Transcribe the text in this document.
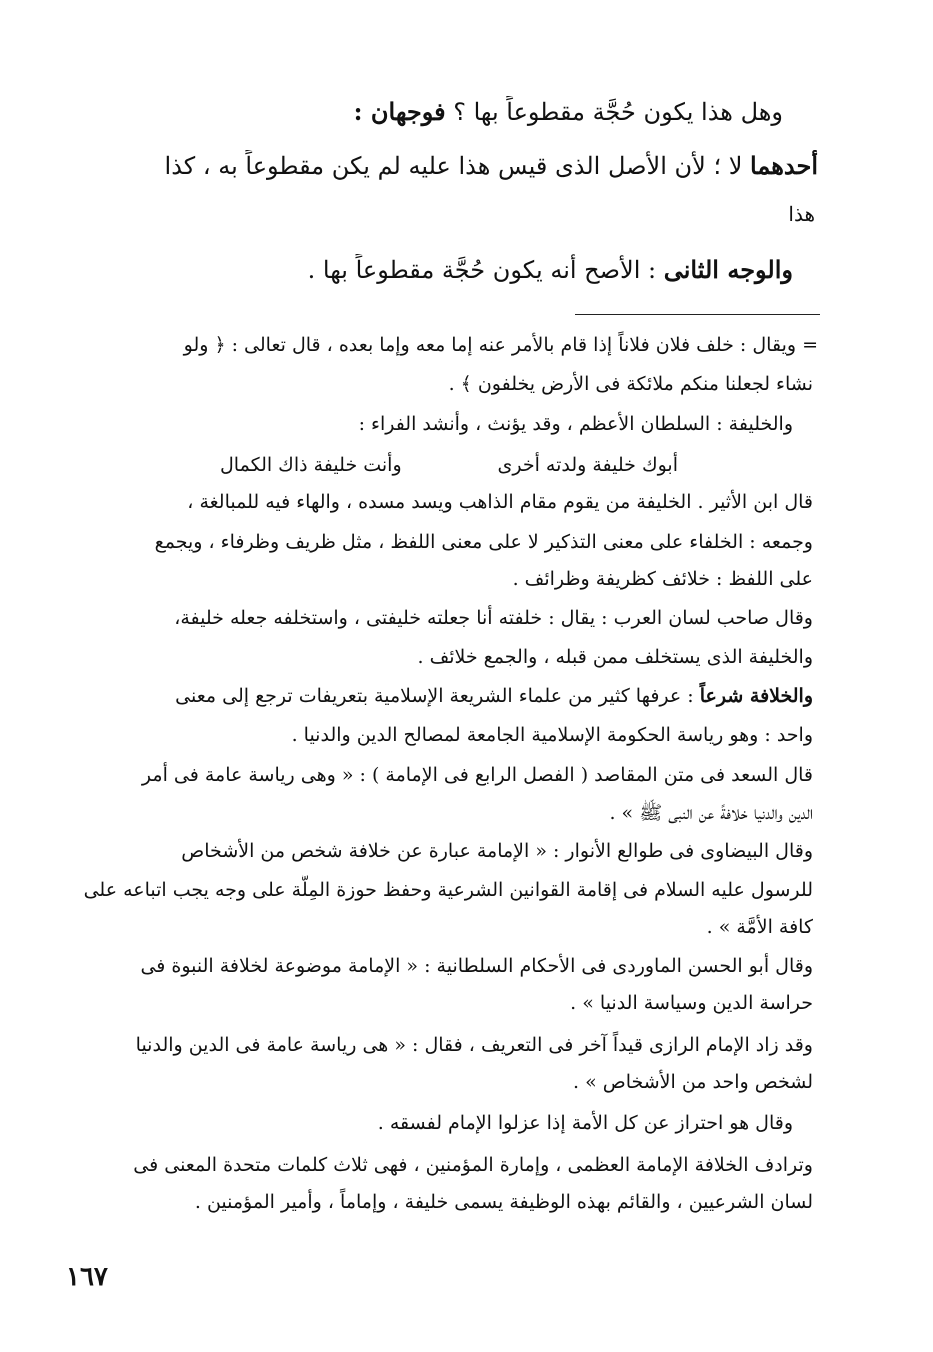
وهل هذا يكون حُجَّة مقطوعاً بها ؟ فوجهان :
أحدهما لا ؛ لأن الأصل الذى قيس هذا عليه لم يكن مقطوعاً به ، كذا
هذا
والوجه الثانى : الأصح أنه يكون حُجَّة مقطوعاً بها .
= ويقال : خلف فلان فلاناً إذا قام بالأمر عنه إما معه وإما بعده ، قال تعالى : ﴿ ولو
نشاء لجعلنا منكم ملائكة فى الأرض يخلفون ﴾ .
والخليفة : السلطان الأعظم ، وقد يؤنث ، وأنشد الفراء :
أبوك خليفة ولدته أخرى
وأنت خليفة ذاك الكمال
قال ابن الأثير . الخليفة من يقوم مقام الذاهب ويسد مسده ، والهاء فيه للمبالغة ،
وجمعه : الخلفاء على معنى التذكير لا على معنى اللفظ ، مثل ظريف وظرفاء ، ويجمع
على اللفظ : خلائف كظريفة وظرائف .
وقال صاحب لسان العرب : يقال : خلفته أنا جعلته خليفتى ، واستخلفه جعله خليفة،
والخليفة الذى يستخلف ممن قبله ، والجمع خلائف .
والخلافة شرعاً : عرفها كثير من علماء الشريعة الإسلامية بتعريفات ترجع إلى معنى
واحد : وهو رياسة الحكومة الإسلامية الجامعة لمصالح الدين والدنيا .
قال السعد فى متن المقاصد ( الفصل الرابع فى الإمامة ) : « وهى رياسة عامة فى أمر
الدين والدنيا خلافةً عن النبى ﷺ » .
وقال البيضاوى فى طوالع الأنوار : « الإمامة عبارة عن خلافة شخص من الأشخاص
للرسول عليه السلام فى إقامة القوانين الشرعية وحفظ حوزة المِلَّة على وجه يجب اتباعه على
كافة الأمَّة » .
وقال أبو الحسن الماوردى فى الأحكام السلطانية : « الإمامة موضوعة لخلافة النبوة فى
حراسة الدين وسياسة الدنيا » .
وقد زاد الإمام الرازى قيداً آخر فى التعريف ، فقال : « هى رياسة عامة فى الدين والدنيا
لشخص واحد من الأشخاص » .
وقال هو احتراز عن كل الأمة إذا عزلوا الإمام لفسقه .
وترادف الخلافة الإمامة العظمى ، وإمارة المؤمنين ، فهى ثلاث كلمات متحدة المعنى فى
لسان الشرعيين ، والقائم بهذه الوظيفة يسمى خليفة ، وإماماً ، وأمير المؤمنين .
١٦٧
